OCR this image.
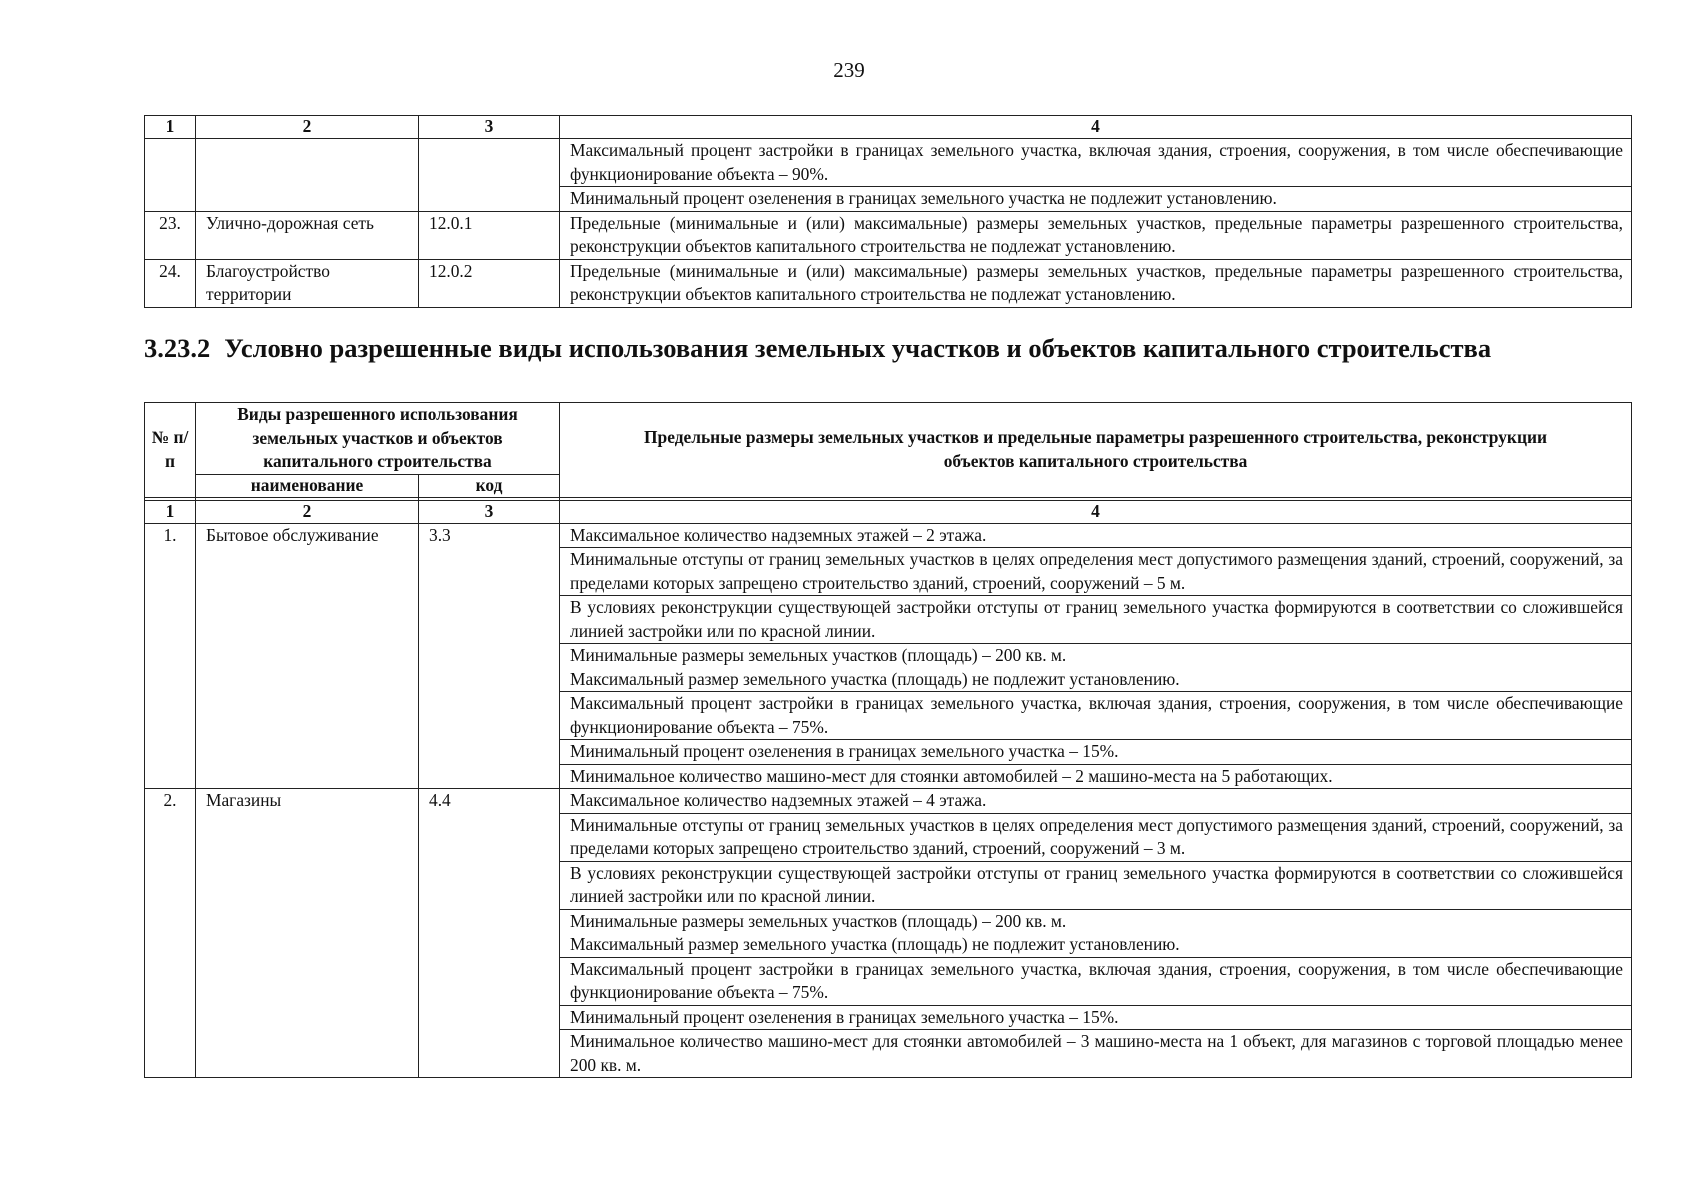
239
1	2	3	4
			Максимальный процент застройки в границах земельного участка, включая здания, строения, сооружения, в том числе обеспечивающие функционирование объекта – 90%.
			Минимальный процент озеленения в границах земельного участка не подлежит установлению.
23.	Улично-дорожная сеть	12.0.1	Предельные (минимальные и (или) максимальные) размеры земельных участков, предельные параметры разрешенного строительства, реконструкции объектов капитального строительства не подлежат установлению.
24.	Благоустройство территории	12.0.2	Предельные (минимальные и (или) максимальные) размеры земельных участков, предельные параметры разрешенного строительства, реконструкции объектов капитального строительства не подлежат установлению.
3.23.2 Условно разрешенные виды использования земельных участков и объектов капитального строительства
№ п/п	Виды разрешенного использования земельных участков и объектов капитального строительства		Предельные размеры земельных участков и предельные параметры разрешенного строительства, реконструкции объектов капитального строительства
	наименование	код	

1	2	3	4
1.	Бытовое обслуживание	3.3	Максимальное количество надземных этажей – 2 этажа.
			Минимальные отступы от границ земельных участков в целях определения мест допустимого размещения зданий, строений, сооружений, за пределами которых запрещено строительство зданий, строений, сооружений – 5 м.
			В условиях реконструкции существующей застройки отступы от границ земельного участка формируются в соответствии со сложившейся линией застройки или по красной линии.
			Минимальные размеры земельных участков (площадь) – 200 кв. м.
Максимальный размер земельного участка (площадь) не подлежит установлению.
			Максимальный процент застройки в границах земельного участка, включая здания, строения, сооружения, в том числе обеспечивающие функционирование объекта – 75%.
			Минимальный процент озеленения в границах земельного участка – 15%.
			Минимальное количество машино-мест для стоянки автомобилей – 2 машино-места на 5 работающих.
2.	Магазины	4.4	Максимальное количество надземных этажей – 4 этажа.
			Минимальные отступы от границ земельных участков в целях определения мест допустимого размещения зданий, строений, сооружений, за пределами которых запрещено строительство зданий, строений, сооружений – 3 м.
			В условиях реконструкции существующей застройки отступы от границ земельного участка формируются в соответствии со сложившейся линией застройки или по красной линии.
			Минимальные размеры земельных участков (площадь) – 200 кв. м.
Максимальный размер земельного участка (площадь) не подлежит установлению.
			Максимальный процент застройки в границах земельного участка, включая здания, строения, сооружения, в том числе обеспечивающие функционирование объекта – 75%.
			Минимальный процент озеленения в границах земельного участка – 15%.
			Минимальное количество машино-мест для стоянки автомобилей – 3 машино-места на 1 объект, для магазинов с торговой площадью менее 200 кв. м.
